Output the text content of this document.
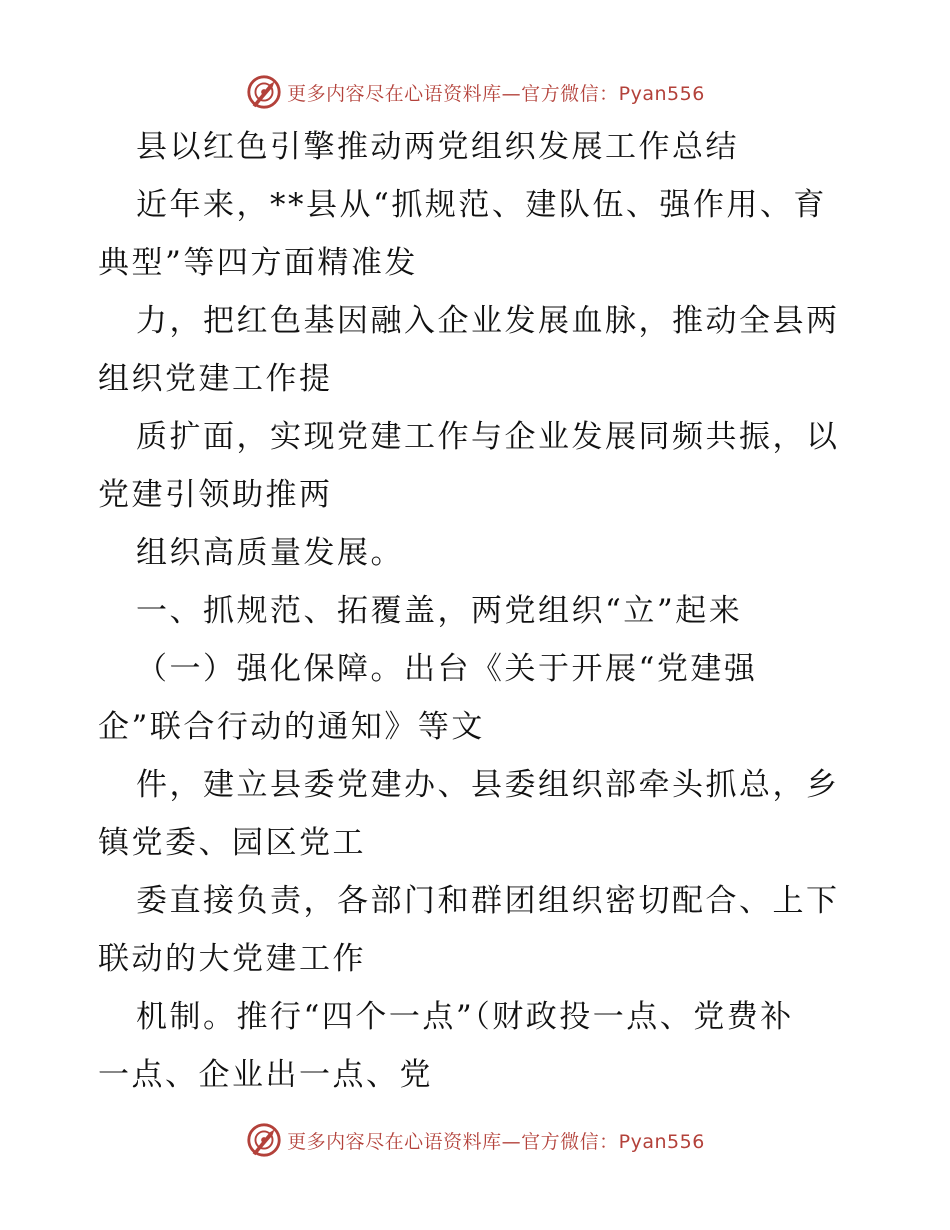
更多内容尽在心语资料库—官方微信：Pyan556
县以红色引擎推动两党组织发展工作总结
近年来，**县从“抓规范、建队伍、强作用、育
典型”等四方面精准发
力，把红色基因融入企业发展血脉，推动全县两
组织党建工作提
质扩面，实现党建工作与企业发展同频共振，以
党建引领助推两
组织高质量发展。
一、抓规范、拓覆盖，两党组织“立”起来
（一）强化保障。出台《关于开展“党建强
企”联合行动的通知》等文
件，建立县委党建办、县委组织部牵头抓总，乡
镇党委、园区党工
委直接负责，各部门和群团组织密切配合、上下
联动的大党建工作
机制。推行“四个一点”（财政投一点、党费补
一点、企业出一点、党
更多内容尽在心语资料库—官方微信：Pyan556
